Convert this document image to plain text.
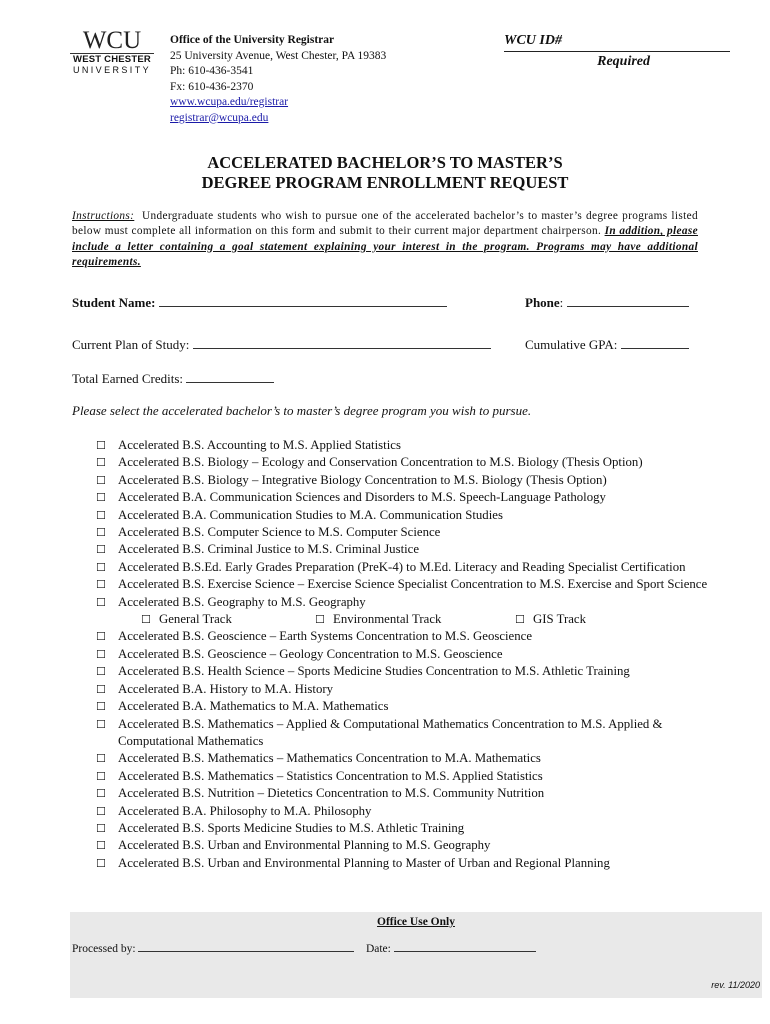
WCU
WEST CHESTER
UNIVERSITY
Office of the University Registrar
25 University Avenue, West Chester, PA 19383
Ph: 610-436-3541
Fx: 610-436-2370
www.wcupa.edu/registrar
registrar@wcupa.edu
WCU ID#
Required
ACCELERATED BACHELOR’S TO MASTER’S
DEGREE PROGRAM ENROLLMENT REQUEST
Instructions: Undergraduate students who wish to pursue one of the accelerated bachelor’s to master’s degree programs listed below must complete all information on this form and submit to their current major department chairperson. In addition, please include a letter containing a goal statement explaining your interest in the program. Programs may have additional requirements.
Student Name:	Phone:
Current Plan of Study:	Cumulative GPA:
Total Earned Credits:
Please select the accelerated bachelor’s to master’s degree program you wish to pursue.
☐ Accelerated B.S. Accounting to M.S. Applied Statistics
☐ Accelerated B.S. Biology – Ecology and Conservation Concentration to M.S. Biology (Thesis Option)
☐ Accelerated B.S. Biology – Integrative Biology Concentration to M.S. Biology (Thesis Option)
☐ Accelerated B.A. Communication Sciences and Disorders to M.S. Speech-Language Pathology
☐ Accelerated B.A. Communication Studies to M.A. Communication Studies
☐ Accelerated B.S. Computer Science to M.S. Computer Science
☐ Accelerated B.S. Criminal Justice to M.S. Criminal Justice
☐ Accelerated B.S.Ed. Early Grades Preparation (PreK-4) to M.Ed. Literacy and Reading Specialist Certification
☐ Accelerated B.S. Exercise Science – Exercise Science Specialist Concentration to M.S. Exercise and Sport Science
☐ Accelerated B.S. Geography to M.S. Geography
☐ General Track	☐ Environmental Track	☐ GIS Track
☐ Accelerated B.S. Geoscience – Earth Systems Concentration to M.S. Geoscience
☐ Accelerated B.S. Geoscience – Geology Concentration to M.S. Geoscience
☐ Accelerated B.S. Health Science – Sports Medicine Studies Concentration to M.S. Athletic Training
☐ Accelerated B.A. History to M.A. History
☐ Accelerated B.A. Mathematics to M.A. Mathematics
☐ Accelerated B.S. Mathematics – Applied & Computational Mathematics Concentration to M.S. Applied & Computational Mathematics
☐ Accelerated B.S. Mathematics – Mathematics Concentration to M.A. Mathematics
☐ Accelerated B.S. Mathematics – Statistics Concentration to M.S. Applied Statistics
☐ Accelerated B.S. Nutrition – Dietetics Concentration to M.S. Community Nutrition
☐ Accelerated B.A. Philosophy to M.A. Philosophy
☐ Accelerated B.S. Sports Medicine Studies to M.S. Athletic Training
☐ Accelerated B.S. Urban and Environmental Planning to M.S. Geography
☐ Accelerated B.S. Urban and Environmental Planning to Master of Urban and Regional Planning
Office Use Only
Processed by:	Date:
rev. 11/2020
